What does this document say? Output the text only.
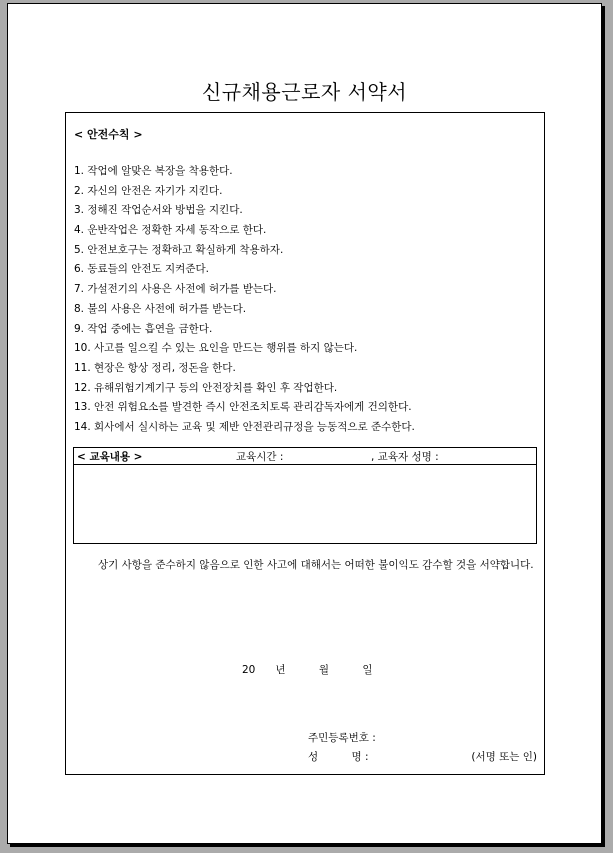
신규채용근로자 서약서
< 안전수칙 >
1. 작업에 알맞은 복장을 착용한다.
2. 자신의 안전은 자기가 지킨다.
3. 정해진 작업순서와 방법을 지킨다.
4. 운반작업은 정확한 자세 동작으로 한다.
5. 안전보호구는 정확하고 확실하게 착용하자.
6. 동료들의 안전도 지켜준다.
7. 가설전기의 사용은 사전에 허가를 받는다.
8. 불의 사용은 사전에 허가를 받는다.
9. 작업 중에는 흡연을 금한다.
10. 사고를 일으킬 수 있는 요인을 만드는 행위를 하지 않는다.
11. 현장은 항상 정리, 정돈을 한다.
12. 유해위험기계기구 등의 안전장치를 확인 후 작업한다.
13. 안전 위험요소를 발견한 즉시 안전조치토록 관리감독자에게 건의한다.
14. 회사에서 실시하는 교육 및 제반 안전관리규정을 능동적으로 준수한다.
< 교육내용 >	교육시간 :	, 교육자 성명 :

상기 사항을 준수하지 않음으로 인한 사고에 대해서는 어떠한 불이익도 감수할 것을 서약합니다.

20      년          월          일
주민등록번호 :
성          명 :	(서명 또는 인)
